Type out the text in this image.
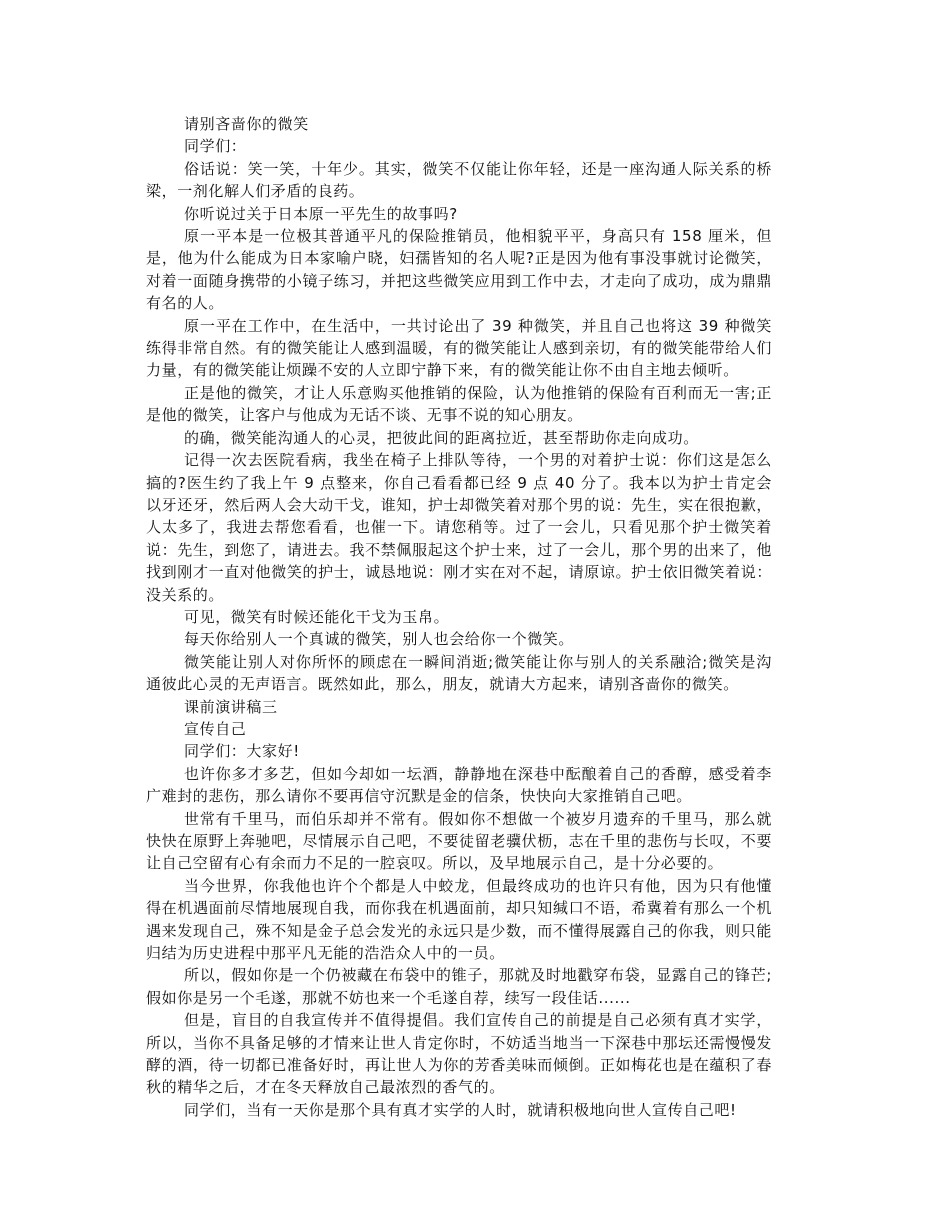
请别吝啬你的微笑

同学们：

俗话说：笑一笑，十年少。其实，微笑不仅能让你年轻，还是一座沟通人际关系的桥梁，一剂化解人们矛盾的良药。

你听说过关于日本原一平先生的故事吗?

原一平本是一位极其普通平凡的保险推销员，他相貌平平，身高只有 158 厘米，但是，他为什么能成为日本家喻户晓，妇孺皆知的名人呢?正是因为他有事没事就讨论微笑，对着一面随身携带的小镜子练习，并把这些微笑应用到工作中去，才走向了成功，成为鼎鼎有名的人。

原一平在工作中，在生活中，一共讨论出了 39 种微笑，并且自己也将这 39 种微笑练得非常自然。有的微笑能让人感到温暖，有的微笑能让人感到亲切，有的微笑能带给人们力量，有的微笑能让烦躁不安的人立即宁静下来，有的微笑能让你不由自主地去倾听。

正是他的微笑，才让人乐意购买他推销的保险，认为他推销的保险有百利而无一害;正是他的微笑，让客户与他成为无话不谈、无事不说的知心朋友。

的确，微笑能沟通人的心灵，把彼此间的距离拉近，甚至帮助你走向成功。

记得一次去医院看病，我坐在椅子上排队等待，一个男的对着护士说：你们这是怎么搞的?医生约了我上午 9 点整来，你自己看看都已经 9 点 40 分了。我本以为护士肯定会以牙还牙，然后两人会大动干戈，谁知，护士却微笑着对那个男的说：先生，实在很抱歉，人太多了，我进去帮您看看，也催一下。请您稍等。过了一会儿，只看见那个护士微笑着说：先生，到您了，请进去。我不禁佩服起这个护士来，过了一会儿，那个男的出来了，他找到刚才一直对他微笑的护士，诚恳地说：刚才实在对不起，请原谅。护士依旧微笑着说：没关系的。

可见，微笑有时候还能化干戈为玉帛。

每天你给别人一个真诚的微笑，别人也会给你一个微笑。

微笑能让别人对你所怀的顾虑在一瞬间消逝;微笑能让你与别人的关系融洽;微笑是沟通彼此心灵的无声语言。既然如此，那么，朋友，就请大方起来，请别吝啬你的微笑。

课前演讲稿三

宣传自己

同学们：大家好!

也许你多才多艺，但如今却如一坛酒，静静地在深巷中酝酿着自己的香醇，感受着李广难封的悲伤，那么请你不要再信守沉默是金的信条，快快向大家推销自己吧。

世常有千里马，而伯乐却并不常有。假如你不想做一个被岁月遗弃的千里马，那么就快快在原野上奔驰吧，尽情展示自己吧，不要徒留老骥伏枥，志在千里的悲伤与长叹，不要让自己空留有心有余而力不足的一腔哀叹。所以，及早地展示自己，是十分必要的。

当今世界，你我他也许个个都是人中蛟龙，但最终成功的也许只有他，因为只有他懂得在机遇面前尽情地展现自我，而你我在机遇面前，却只知缄口不语，希冀着有那么一个机遇来发现自己，殊不知是金子总会发光的永远只是少数，而不懂得展露自己的你我，则只能归结为历史进程中那平凡无能的浩浩众人中的一员。

所以，假如你是一个仍被藏在布袋中的锥子，那就及时地戳穿布袋，显露自己的锋芒;假如你是另一个毛遂，那就不妨也来一个毛遂自荐，续写一段佳话......

但是，盲目的自我宣传并不值得提倡。我们宣传自己的前提是自己必须有真才实学，所以，当你不具备足够的才情来让世人肯定你时，不妨适当地当一下深巷中那坛还需慢慢发酵的酒，待一切都已准备好时，再让世人为你的芳香美味而倾倒。正如梅花也是在蕴积了春秋的精华之后，才在冬天释放自己最浓烈的香气的。

同学们，当有一天你是那个具有真才实学的人时，就请积极地向世人宣传自己吧!
